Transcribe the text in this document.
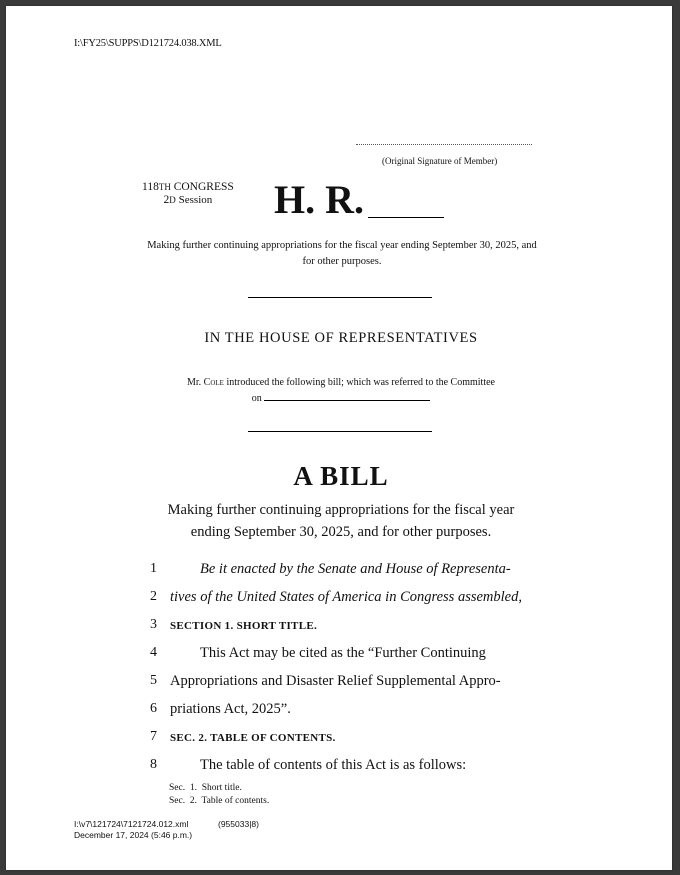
I:\FY25\SUPPS\D121724.038.XML
(Original Signature of Member)
118TH CONGRESS
2D Session	H. R.
Making further continuing appropriations for the fiscal year ending September 30, 2025, and for other purposes.
IN THE HOUSE OF REPRESENTATIVES
Mr. Cole introduced the following bill; which was referred to the Committee
on
A BILL
Making further continuing appropriations for the fiscal year
ending September 30, 2025, and for other purposes.
1	Be it enacted by the Senate and House of Representa-
2 tives of the United States of America in Congress assembled,
3 SECTION 1. SHORT TITLE.
4	This Act may be cited as the “Further Continuing
5 Appropriations and Disaster Relief Supplemental Appro-
6 priations Act, 2025”.
7 SEC. 2. TABLE OF CONTENTS.
8	The table of contents of this Act is as follows:
Sec.  1.  Short title.
Sec.  2.  Table of contents.
I:\v7\121724\7121724.012.xml
December 17, 2024 (5:46 p.m.)
(955033|8)
